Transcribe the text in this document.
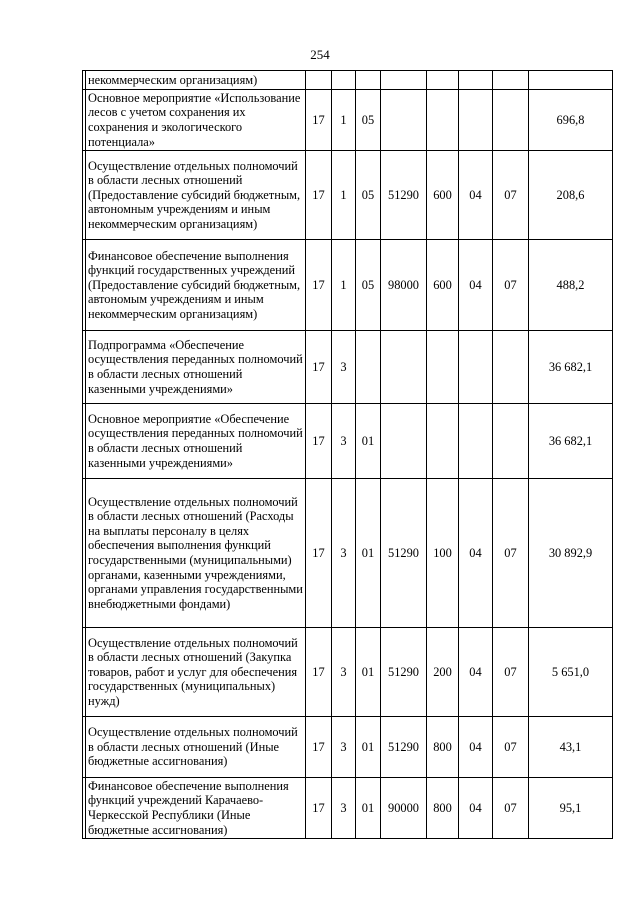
254
	некоммерческим организациям)								
	Основное мероприятие «Использование лесов с учетом сохранения их сохранения и экологического потенциала»	17	1	05					696,8
	Осуществление отдельных полномочий в области лесных отношений (Предоставление субсидий бюджетным, автономным учреждениям и иным некоммерческим организациям)	17	1	05	51290	600	04	07	208,6
	Финансовое обеспечение выполнения функций государственных учреждений (Предоставление субсидий бюджетным, автономым учреждениям и иным некоммерческим организациям)	17	1	05	98000	600	04	07	488,2
	Подпрограмма «Обеспечение осуществления переданных полномочий в области лесных отношений казенными учреждениями»	17	3						36 682,1
	Основное мероприятие «Обеспечение осуществления переданных полномочий в области лесных отношений казенными учреждениями»	17	3	01					36 682,1
	Осуществление отдельных полномочий в области лесных отношений (Расходы на выплаты персоналу в целях обеспечения выполнения функций государственными (муниципальными) органами, казенными учреждениями, органами управления государственными внебюджетными фондами)	17	3	01	51290	100	04	07	30 892,9
	Осуществление отдельных полномочий в области лесных отношений (Закупка товаров, работ и услуг для обеспечения государственных (муниципальных) нужд)	17	3	01	51290	200	04	07	5 651,0
	Осуществление отдельных полномочий в области лесных отношений (Иные бюджетные ассигнования)	17	3	01	51290	800	04	07	43,1
	Финансовое обеспечение выполнения функций учреждений Карачаево-Черкесской Республики (Иные бюджетные ассигнования)	17	3	01	90000	800	04	07	95,1
